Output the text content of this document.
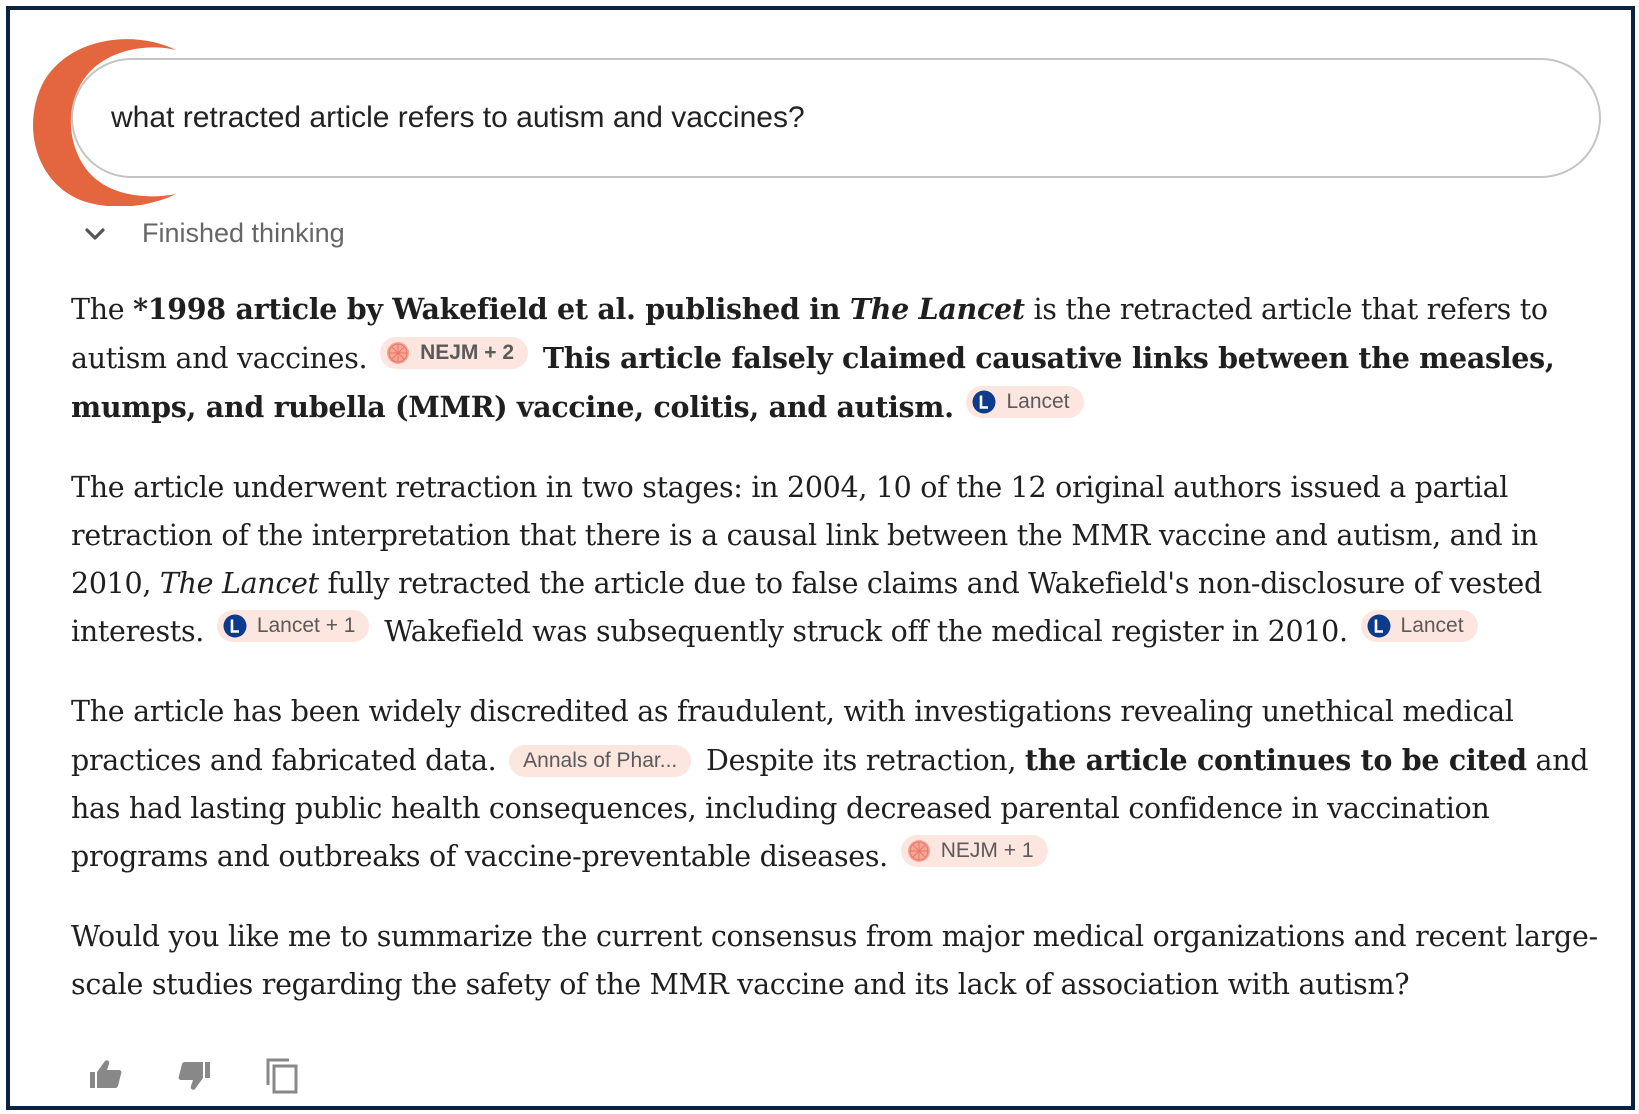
what retracted article refers to autism and vaccines?
Finished thinking

The *1998 article by Wakefield et al. published in The Lancet is the retracted article that refers to autism and vaccines.	NEJM + 2 This article falsely claimed causative links between the measles, mumps, and rubella (MMR) vaccine, colitis, and autism.	Lancet

The article underwent retraction in two stages: in 2004, 10 of the 12 original authors issued a partial retraction of the interpretation that there is a causal link between the MMR vaccine and autism, and in 2010, The Lancet fully retracted the article due to false claims and Wakefield's non-disclosure of vested interests.	Lancet + 1 Wakefield was subsequently struck off the medical register in 2010.	Lancet

The article has been widely discredited as fraudulent, with investigations revealing unethical medical practices and fabricated data. Annals of Phar... Despite its retraction, the article continues to be cited and has had lasting public health consequences, including decreased parental confidence in vaccination programs and outbreaks of vaccine-preventable diseases.	NEJM + 1

Would you like me to summarize the current consensus from major medical organizations and recent large-scale studies regarding the safety of the MMR vaccine and its lack of association with autism?
